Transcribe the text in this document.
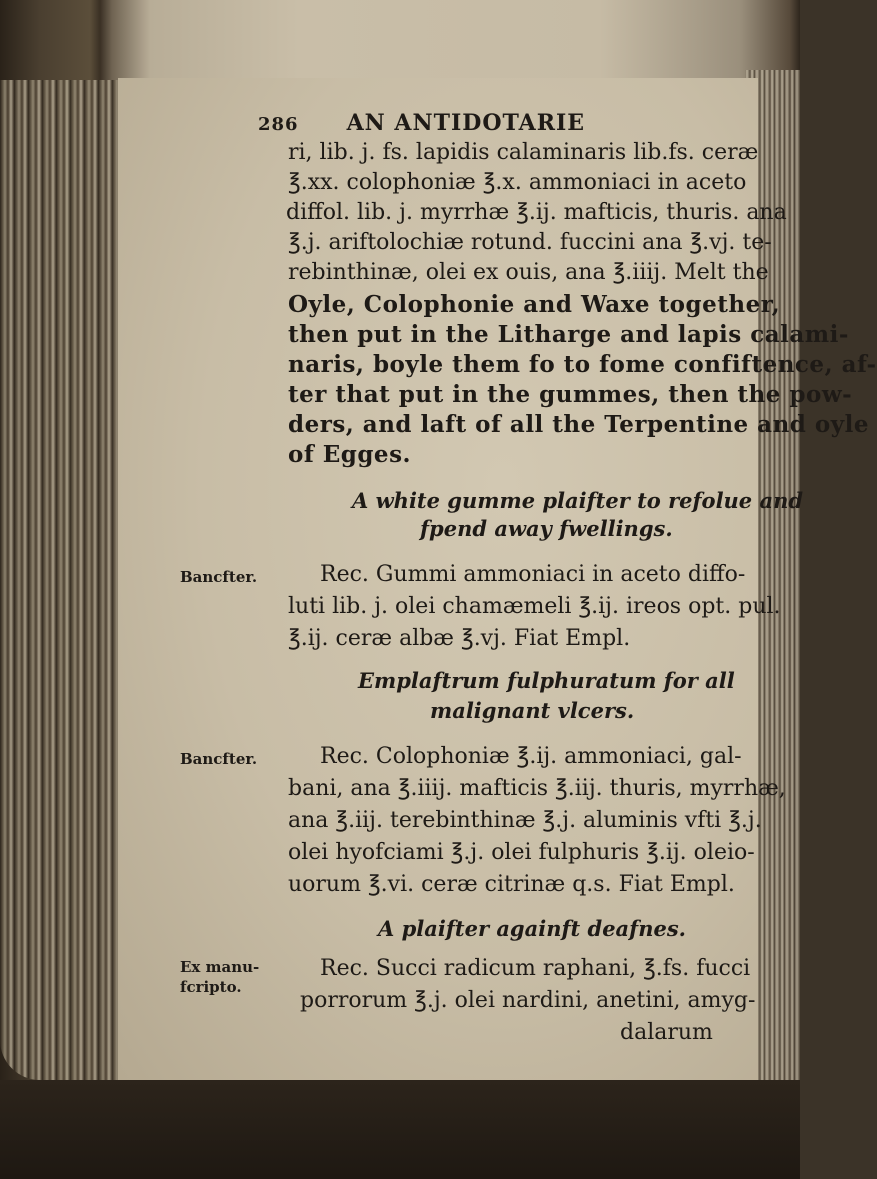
286 AN ANTIDOTARIE
ri, lib. j. fs. lapidis calaminaris lib.fs. ceræ
℥.xx. colophoniæ ℥.x. ammoniaci in aceto
diffol. lib. j. myrrhæ ℥.ij. mafticis, thuris. ana
℥.j. ariftolochiæ rotund. fuccini ana ℥.vj. te-
rebinthinæ, olei ex ouis, ana ℥.iiij. Melt the
Oyle, Colophonie and Waxe together,
then put in the Litharge and lapis calami-
naris, boyle them fo to fome confiftence, af-
ter that put in the gummes, then the pow-
ders, and laft of all the Terpentine and oyle
of Egges.
A white gumme plaifter to refolue and
fpend away fwellings.
Bancfter.	Rec. Gummi ammoniaci in aceto diffo-
luti lib. j. olei chamæmeli ℥.ij. ireos opt. pul.
℥.ij. ceræ albæ ℥.vj. Fiat Empl.
Emplaftrum fulphuratum for all
malignant vlcers.
Bancfter.	Rec. Colophoniæ ℥.ij. ammoniaci, gal-
bani, ana ℥.iiij. mafticis ℥.iij. thuris, myrrhæ,
ana ℥.iij. terebinthinæ ℥.j. aluminis vfti ℥.j.
olei hyofciami ℥.j. olei fulphuris ℥.ij. oleio-
uorum ℥.vi. ceræ citrinæ q.s. Fiat Empl.
A plaifter againft deafnes.
Ex manu-
fcripto.
Rec. Succi radicum raphani, ℥.fs. fucci
porrorum ℥.j. olei nardini, anetini, amyg-
dalarum
